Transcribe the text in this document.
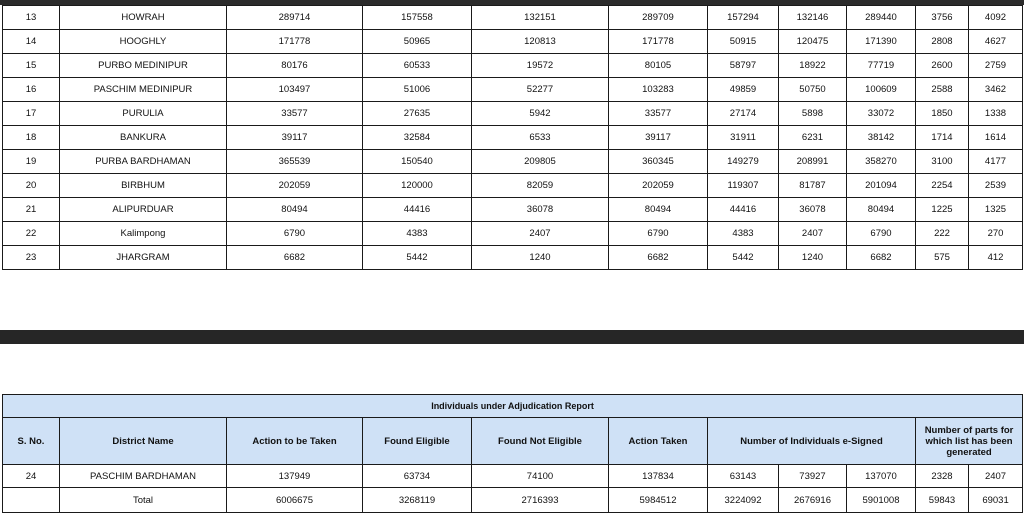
13	HOWRAH	289714	157558	132151	289709	157294	132146	289440	3756	4092
14	HOOGHLY	171778	50965	120813	171778	50915	120475	171390	2808	4627
15	PURBO MEDINIPUR	80176	60533	19572	80105	58797	18922	77719	2600	2759
16	PASCHIM MEDINIPUR	103497	51006	52277	103283	49859	50750	100609	2588	3462
17	PURULIA	33577	27635	5942	33577	27174	5898	33072	1850	1338
18	BANKURA	39117	32584	6533	39117	31911	6231	38142	1714	1614
19	PURBA BARDHAMAN	365539	150540	209805	360345	149279	208991	358270	3100	4177
20	BIRBHUM	202059	120000	82059	202059	119307	81787	201094	2254	2539
21	ALIPURDUAR	80494	44416	36078	80494	44416	36078	80494	1225	1325
22	Kalimpong	6790	4383	2407	6790	4383	2407	6790	222	270
23	JHARGRAM	6682	5442	1240	6682	5442	1240	6682	575	412
Individuals under Adjudication Report										
S. No.	District Name	Action to be Taken	Found Eligible	Found Not Eligible	Action Taken	Number of Individuals e-Signed			Number of parts for which list has been generated	
24	PASCHIM BARDHAMAN	137949	63734	74100	137834	63143	73927	137070	2328	2407
	Total	6006675	3268119	2716393	5984512	3224092	2676916	5901008	59843	69031
